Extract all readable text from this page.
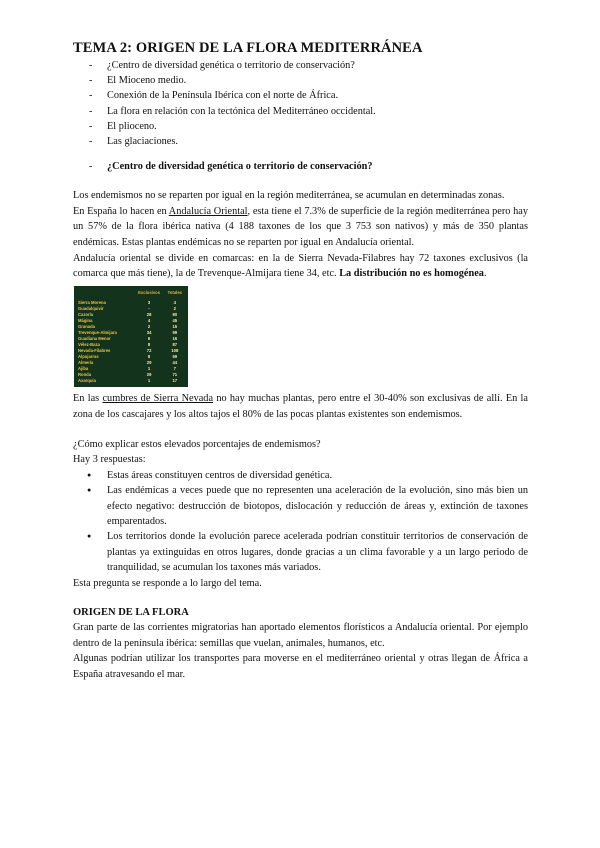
TEMA 2: ORIGEN DE LA FLORA MEDITERRÁNEA
- ¿Centro de diversidad genética o territorio de conservación?
- El Mioceno medio.
- Conexión de la Península Ibérica con el norte de África.
- La flora en relación con la tectónica del Mediterráneo occidental.
- El plioceno.
- Las glaciaciones.
- ¿Centro de diversidad genética o territorio de conservación?

Los endemismos no se reparten por igual en la región mediterránea, se acumulan en determinadas zonas.

En España lo hacen en Andalucía Oriental, esta tiene el 7.3% de superficie de la región mediterránea pero hay un 57% de la flora ibérica nativa (4 188 taxones de los que 3 753 son nativos) y más de 350 plantas endémicas. Estas plantas endémicas no se reparten por igual en Andalucía oriental.

Andalucía oriental se divide en comarcas: en la de Sierra Nevada-Filabres hay 72 taxones exclusivos (la comarca que más tiene), la de Trevenque-Almijara tiene 34, etc. La distribución no es homogénea.

	Exclusivos	Totales
Sierra Morena	3	4
Guadalquivir	-	2
Cazorla	28	80
Mágina	4	45
Granada	2	15
Trevenque-Almijara	34	99
Guadiana Menor	6	16
Vélez-Baza	8	87
Nevada-Filabres	72	108
Alpujarras	8	59
Almería	29	44
Ajiba	1	7
Ronda	29	71
Axarquía	1	17

En las cumbres de Sierra Nevada no hay muchas plantas, pero entre el 30-40% son exclusivas de allí. En la zona de los cascajares y los altos tajos el 80% de las pocas plantas existentes son endemismos.

¿Cómo explicar estos elevados porcentajes de endemismos?

Hay 3 respuestas:

● Estas áreas constituyen centros de diversidad genética.
● Las endémicas a veces puede que no representen una aceleración de la evolución, sino más bien un efecto negativo: destrucción de biotopos, dislocación y reducción de áreas y, extinción de taxones emparentados.
● Los territorios donde la evolución parece acelerada podrían constituir territorios de conservación de plantas ya extinguidas en otros lugares, donde gracias a un clima favorable y a un largo periodo de tranquilidad, se acumulan los taxones más variados.

Esta pregunta se responde a lo largo del tema.

ORIGEN DE LA FLORA

Gran parte de las corrientes migratorias han aportado elementos florísticos a Andalucía oriental. Por ejemplo dentro de la península ibérica: semillas que vuelan, animales, humanos, etc.

Algunas podrían utilizar los transportes para moverse en el mediterráneo oriental y otras llegan de África a España atravesando el mar.
